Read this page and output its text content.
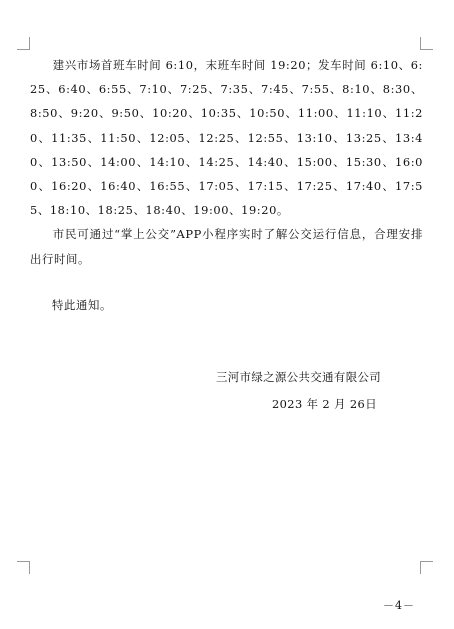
建兴市场首班车时间 6:10，末班车时间 19:20；发车时间 6:10、6:25、6:40、6:55、7:10、7:25、7:35、7:45、7:55、8:10、8:30、8:50、9:20、9:50、10:20、10:35、10:50、11:00、11:10、11:20、11:35、11:50、12:05、12:25、12:55、13:10、13:25、13:40、13:50、14:00、14:10、14:25、14:40、15:00、15:30、16:00、16:20、16:40、16:55、17:05、17:15、17:25、17:40、17:55、18:10、18:25、18:40、19:00、19:20。

市民可通过“掌上公交”APP小程序实时了解公交运行信息，合理安排出行时间。

特此通知。
三河市绿之源公共交通有限公司
2023 年 2 月 26日
－4－
